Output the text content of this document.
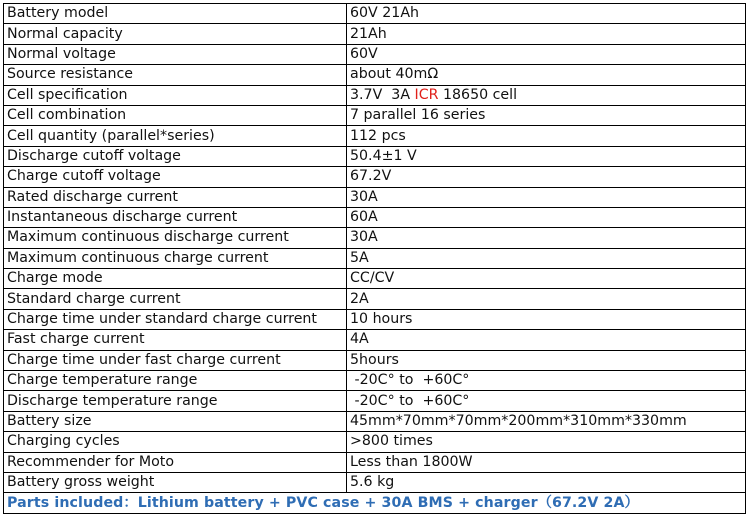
Battery model	60V 21Ah
Normal capacity	21Ah
Normal voltage	60V
Source resistance	about 40mΩ
Cell specification	3.7V  3A ICR 18650 cell
Cell combination	7 parallel 16 series
Cell quantity (parallel*series)	112 pcs
Discharge cutoff voltage	50.4±1 V
Charge cutoff voltage	67.2V
Rated discharge current	30A
Instantaneous discharge current	60A
Maximum continuous discharge current	30A
Maximum continuous charge current	5A
Charge mode	CC/CV
Standard charge current	2A
Charge time under standard charge current	10 hours
Fast charge current	4A
Charge time under fast charge current	5hours
Charge temperature range	-20C° to  +60C°
Discharge temperature range	-20C° to  +60C°
Battery size	45mm*70mm*70mm*200mm*310mm*330mm
Charging cycles	>800 times
Recommender for Moto	Less than 1800W
Battery gross weight	5.6 kg
Parts included：Lithium battery + PVC case + 30A BMS + charger（67.2V 2A）	
